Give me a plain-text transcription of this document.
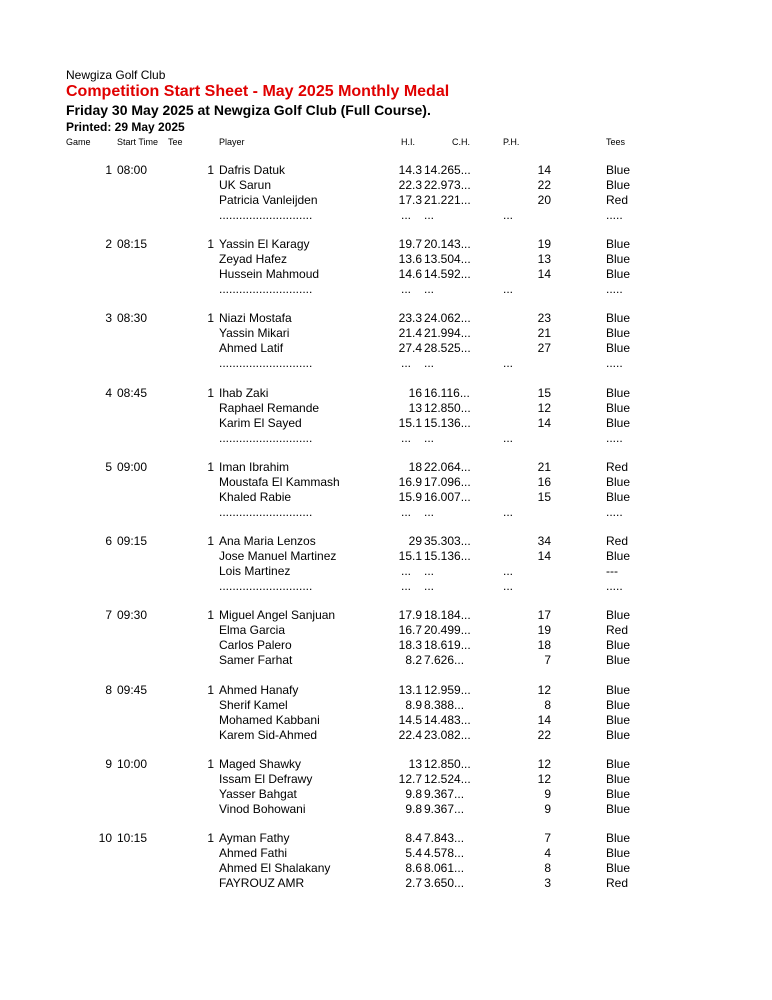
Newgiza Golf Club
Competition Start Sheet - May 2025 Monthly Medal
Friday 30 May 2025 at Newgiza Golf Club (Full Course).
Printed: 29 May 2025
Game	Start Time Tee	Player	H.I.	C.H.	P.H.	Tees
1 08:00	1 Dafris Datuk	14.3 14.265...	14	Blue
UK Sarun	22.3 22.973...	22	Blue
Patricia Vanleijden	17.3 21.221...	20	Red
............................	... ...	...	.....
2 08:15	1 Yassin El Karagy	19.7 20.143...	19	Blue
Zeyad Hafez	13.6 13.504...	13	Blue
Hussein Mahmoud	14.6 14.592...	14	Blue
............................	... ...	...	.....
3 08:30	1 Niazi Mostafa	23.3 24.062...	23	Blue
Yassin Mikari	21.4 21.994...	21	Blue
Ahmed Latif	27.4 28.525...	27	Blue
............................	... ...	...	.....
4 08:45	1 Ihab Zaki	16 16.116...	15	Blue
Raphael Remande	13 12.850...	12	Blue
Karim El Sayed	15.1 15.136...	14	Blue
............................	... ...	...	.....
5 09:00	1 Iman Ibrahim	18 22.064...	21	Red
Moustafa El Kammash	16.9 17.096...	16	Blue
Khaled Rabie	15.9 16.007...	15	Blue
............................	... ...	...	.....
6 09:15	1 Ana Maria Lenzos	29 35.303...	34	Red
Jose Manuel Martinez	15.1 15.136...	14	Blue
Lois Martinez	... ...	...	---
............................	... ...	...	.....
7 09:30	1 Miguel Angel Sanjuan	17.9 18.184...	17	Blue
Elma Garcia	16.7 20.499...	19	Red
Carlos Palero	18.3 18.619...	18	Blue
Samer Farhat	8.2 7.626...	7	Blue
8 09:45	1 Ahmed Hanafy	13.1 12.959...	12	Blue
Sherif Kamel	8.9 8.388...	8	Blue
Mohamed Kabbani	14.5 14.483...	14	Blue
Karem Sid-Ahmed	22.4 23.082...	22	Blue
9 10:00	1 Maged Shawky	13 12.850...	12	Blue
Issam El Defrawy	12.7 12.524...	12	Blue
Yasser Bahgat	9.8 9.367...	9	Blue
Vinod Bohowani	9.8 9.367...	9	Blue
10 10:15	1 Ayman Fathy	8.4 7.843...	7	Blue
Ahmed Fathi	5.4 4.578...	4	Blue
Ahmed El Shalakany	8.6 8.061...	8	Blue
FAYROUZ AMR	2.7 3.650...	3	Red
